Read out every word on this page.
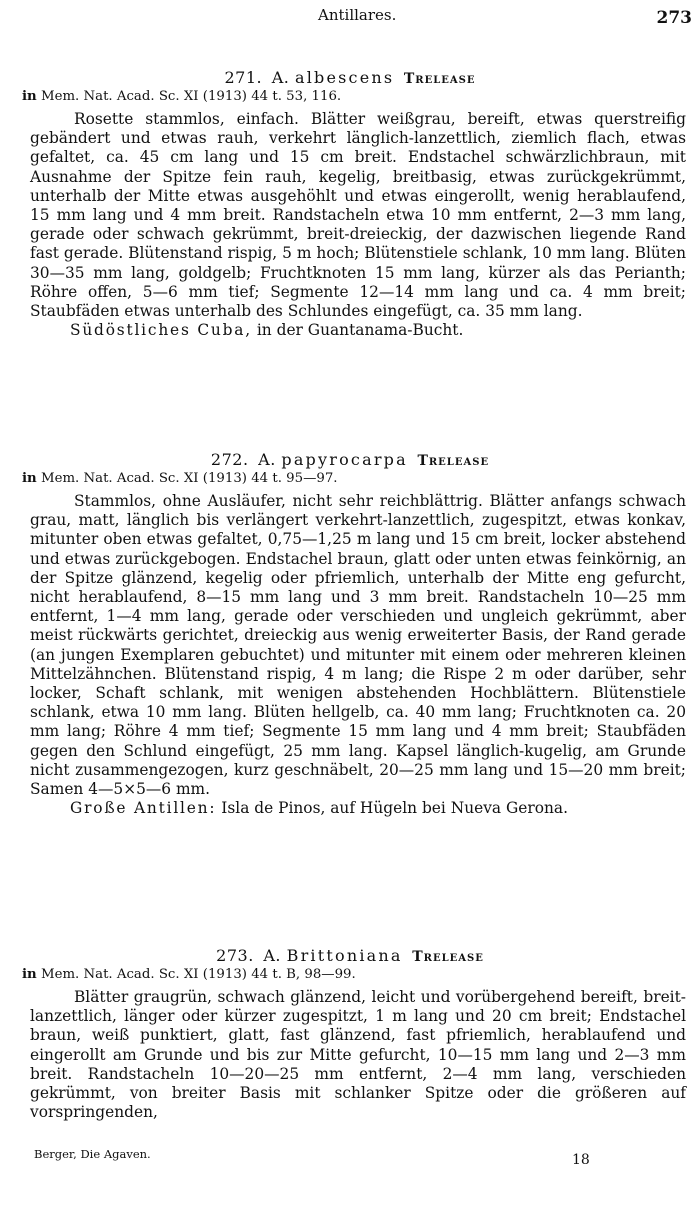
Antillares.	273
271. A. albescens Trelease
in Mem. Nat. Acad. Sc. XI (1913) 44 t. 53, 116.

Rosette stammlos, einfach. Blätter weißgrau, bereift, etwas querstreifig gebändert und etwas rauh, verkehrt länglich-lanzettlich, ziemlich flach, etwas gefaltet, ca. 45 cm lang und 15 cm breit. Endstachel schwärzlichbraun, mit Ausnahme der Spitze fein rauh, kegelig, breitbasig, etwas zurückgekrümmt, unterhalb der Mitte etwas ausgehöhlt und etwas eingerollt, wenig herablaufend, 15 mm lang und 4 mm breit. Randstacheln etwa 10 mm entfernt, 2—3 mm lang, gerade oder schwach gekrümmt, breit-dreieckig, der dazwischen liegende Rand fast gerade. Blütenstand rispig, 5 m hoch; Blütenstiele schlank, 10 mm lang. Blüten 30—35 mm lang, goldgelb; Fruchtknoten 15 mm lang, kürzer als das Perianth; Röhre offen, 5—6 mm tief; Segmente 12—14 mm lang und ca. 4 mm breit; Staubfäden etwas unterhalb des Schlundes eingefügt, ca. 35 mm lang.

Südöstliches Cuba, in der Guantanama-Bucht.
272. A. papyrocarpa Trelease
in Mem. Nat. Acad. Sc. XI (1913) 44 t. 95—97.

Stammlos, ohne Ausläufer, nicht sehr reichblättrig. Blätter anfangs schwach grau, matt, länglich bis verlängert verkehrt-lanzettlich, zugespitzt, etwas konkav, mitunter oben etwas gefaltet, 0,75—1,25 m lang und 15 cm breit, locker abstehend und etwas zurückgebogen. Endstachel braun, glatt oder unten etwas feinkörnig, an der Spitze glänzend, kegelig oder pfriemlich, unterhalb der Mitte eng gefurcht, nicht herablaufend, 8—15 mm lang und 3 mm breit. Randstacheln 10—25 mm entfernt, 1—4 mm lang, gerade oder verschieden und ungleich gekrümmt, aber meist rückwärts gerichtet, dreieckig aus wenig erweiterter Basis, der Rand gerade (an jungen Exemplaren gebuchtet) und mitunter mit einem oder mehreren kleinen Mittelzähnchen. Blütenstand rispig, 4 m lang; die Rispe 2 m oder darüber, sehr locker, Schaft schlank, mit wenigen abstehenden Hochblättern. Blütenstiele schlank, etwa 10 mm lang. Blüten hellgelb, ca. 40 mm lang; Fruchtknoten ca. 20 mm lang; Röhre 4 mm tief; Segmente 15 mm lang und 4 mm breit; Staubfäden gegen den Schlund eingefügt, 25 mm lang. Kapsel länglich-kugelig, am Grunde nicht zusammengezogen, kurz geschnäbelt, 20—25 mm lang und 15—20 mm breit; Samen 4—5×5—6 mm.

Große Antillen: Isla de Pinos, auf Hügeln bei Nueva Gerona.
273. A. Brittoniana Trelease
in Mem. Nat. Acad. Sc. XI (1913) 44 t. B, 98—99.

Blätter graugrün, schwach glänzend, leicht und vorübergehend bereift, breit-lanzettlich, länger oder kürzer zugespitzt, 1 m lang und 20 cm breit; Endstachel braun, weiß punktiert, glatt, fast glänzend, fast pfriemlich, herablaufend und eingerollt am Grunde und bis zur Mitte gefurcht, 10—15 mm lang und 2—3 mm breit. Randstacheln 10—20—25 mm entfernt, 2—4 mm lang, verschieden gekrümmt, von breiter Basis mit schlanker Spitze oder die größeren auf vorspringenden,

Berger, Die Agaven.	18
